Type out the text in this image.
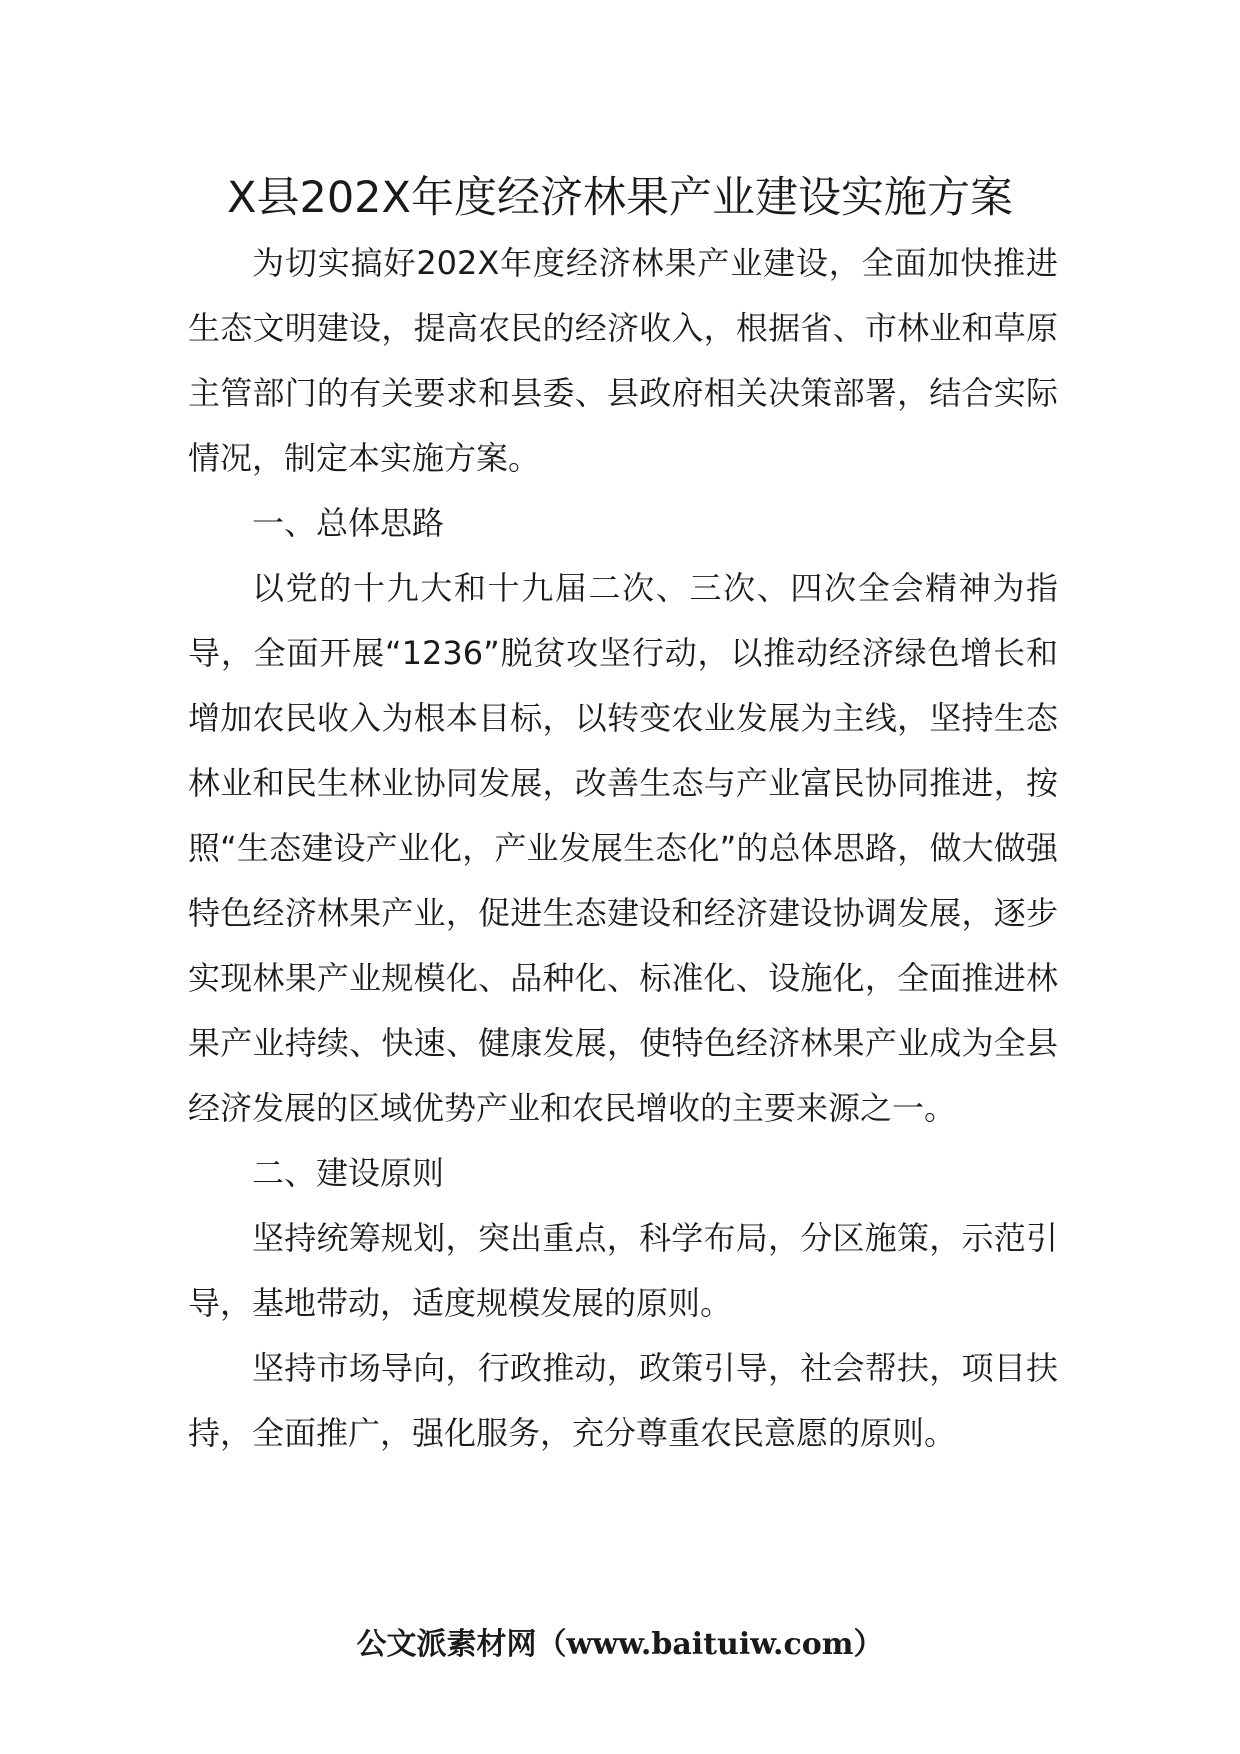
X县202X年度经济林果产业建设实施方案

为切实搞好202X年度经济林果产业建设，全面加快推进生态文明建设，提高农民的经济收入，根据省、市林业和草原主管部门的有关要求和县委、县政府相关决策部署，结合实际情况，制定本实施方案。

一、总体思路

以党的十九大和十九届二次、三次、四次全会精神为指导，全面开展“1236”脱贫攻坚行动，以推动经济绿色增长和增加农民收入为根本目标，以转变农业发展为主线，坚持生态林业和民生林业协同发展，改善生态与产业富民协同推进，按照“生态建设产业化，产业发展生态化”的总体思路，做大做强特色经济林果产业，促进生态建设和经济建设协调发展，逐步实现林果产业规模化、品种化、标准化、设施化，全面推进林果产业持续、快速、健康发展，使特色经济林果产业成为全县经济发展的区域优势产业和农民增收的主要来源之一。

二、建设原则

坚持统筹规划，突出重点，科学布局，分区施策，示范引导，基地带动，适度规模发展的原则。

坚持市场导向，行政推动，政策引导，社会帮扶，项目扶持，全面推广，强化服务，充分尊重农民意愿的原则。

公文派素材网（www.baituiw.com）
